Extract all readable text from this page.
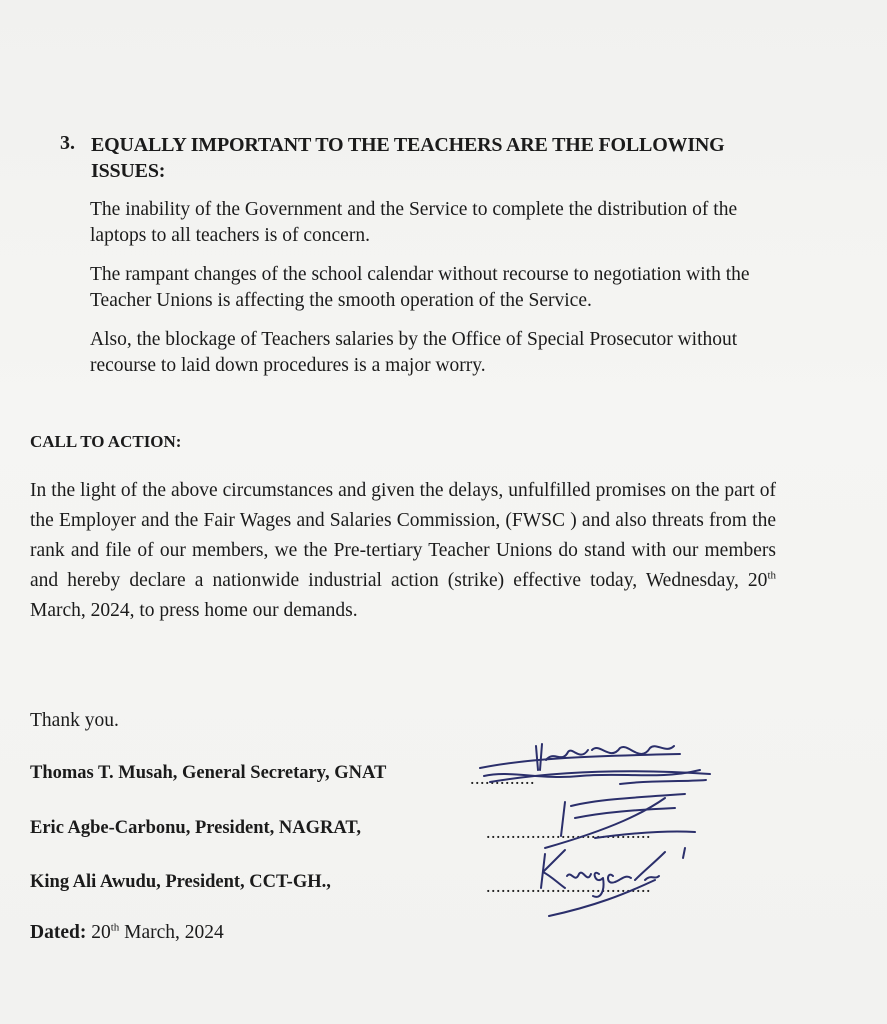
3. EQUALLY IMPORTANT TO THE TEACHERS ARE THE FOLLOWING ISSUES:
The inability of the Government and the Service to complete the distribution of the laptops to all teachers is of concern.
The rampant changes of the school calendar without recourse to negotiation with the Teacher Unions is affecting the smooth operation of the Service.
Also, the blockage of Teachers salaries by the Office of Special Prosecutor without recourse to laid down procedures is a major worry.
CALL TO ACTION:
In the light of the above circumstances and given the delays, unfulfilled promises on the part of the Employer and the Fair Wages and Salaries Commission, (FWSC ) and also threats from the rank and file of our members, we the Pre-tertiary Teacher Unions do stand with our members and hereby declare a nationwide industrial action (strike) effective today, Wednesday, 20th March, 2024, to press home our demands.
Thank you.
Thomas T. Musah, General Secretary, GNAT	.............
Eric Agbe-Carbonu, President, NAGRAT,	.................................
King Ali Awudu, President, CCT-GH.,	.................................
Dated: 20th March, 2024
